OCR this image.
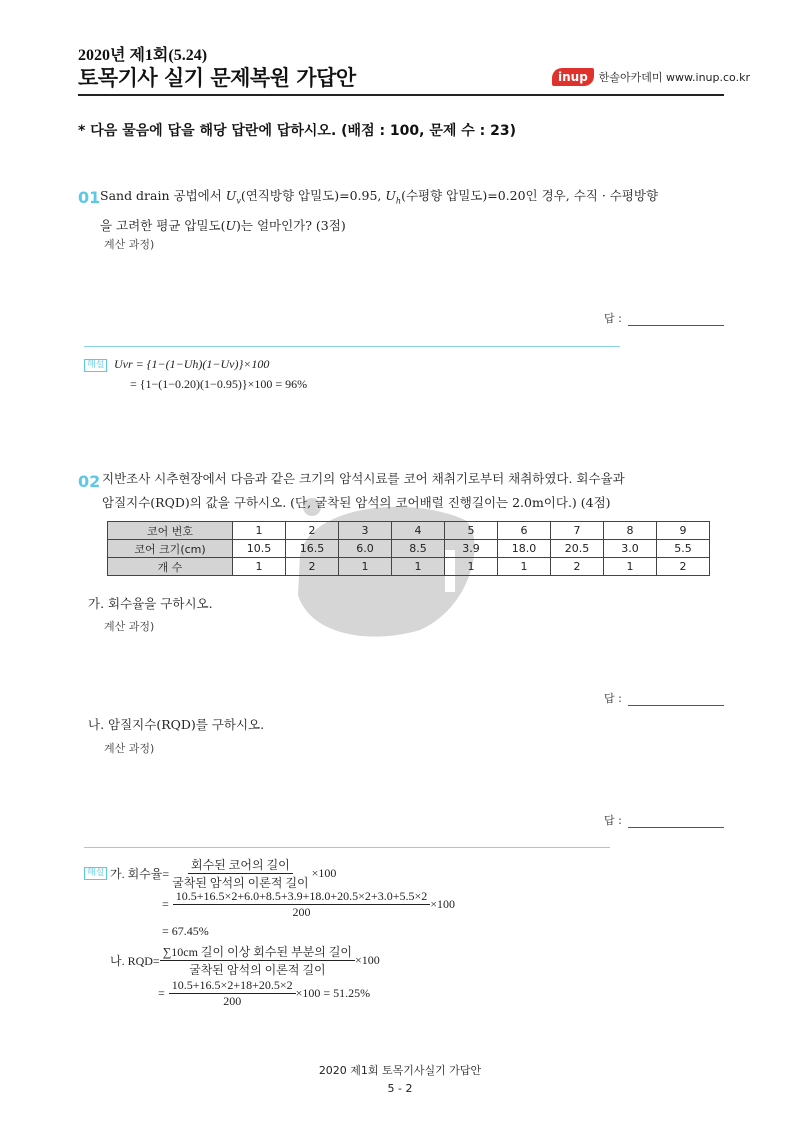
2020년 제1회(5.24)
토목기사 실기 문제복원 가답안	inup	한솔아카데미 www.inup.co.kr
* 다음 물음에 답을 해당 답란에 답하시오. (배점 : 100, 문제 수 : 23)
01 Sand drain 공법에서 $U_v$(연직방향 압밀도)=0.95, $U_h$(수평향 압밀도)=0.20인 경우, 수직 · 수평방향
을 고려한 평균 압밀도(U)는 얼마인가? (3점)
계산 과정)
답 :
해설 Uvr = {1−(1−Uh)(1−Uv)}×100
= {1−(1−0.20)(1−0.95)}×100 = 96%
02 지반조사 시추현장에서 다음과 같은 크기의 암석시료를 코어 채취기로부터 채취하였다. 회수율과
암질지수(RQD)의 값을 구하시오. (단, 굴착된 암석의 코어배럴 진행길이는 2.0m이다.) (4점)
코어 번호	1	2	3	4	5	6	7	8	9
코어 크기(cm)	10.5	16.5	6.0	8.5	3.9	18.0	20.5	3.0	5.5
개 수	1	2	1	1	1	1	2	1	2
가. 회수율을 구하시오.
계산 과정)
답 :
나. 암질지수(RQD)를 구하시오.
계산 과정)
답 :
해설 가. 회수율= $\frac{\text{회수된 코어의 길이}}{\text{굴착된 암석의 이론적 길이}} \times 100$
= $\frac{10.5+16.5\times 2+6.0+8.5+3.9+18.0+20.5\times 2+3.0+5.5\times 2}{200} \times 100$
= 67.45%
나. $RQD= \frac{\text{∑10cm 길이 이상 회수된 부분의 길이}}{\text{굴착된 암석의 이론적 길이}} \times 100$
= $\frac{10.5+16.5\times 2+18+20.5\times 2}{200} \times 100 = 51.25\%$
2020 제1회 토목기사실기 가답안
5 - 2
